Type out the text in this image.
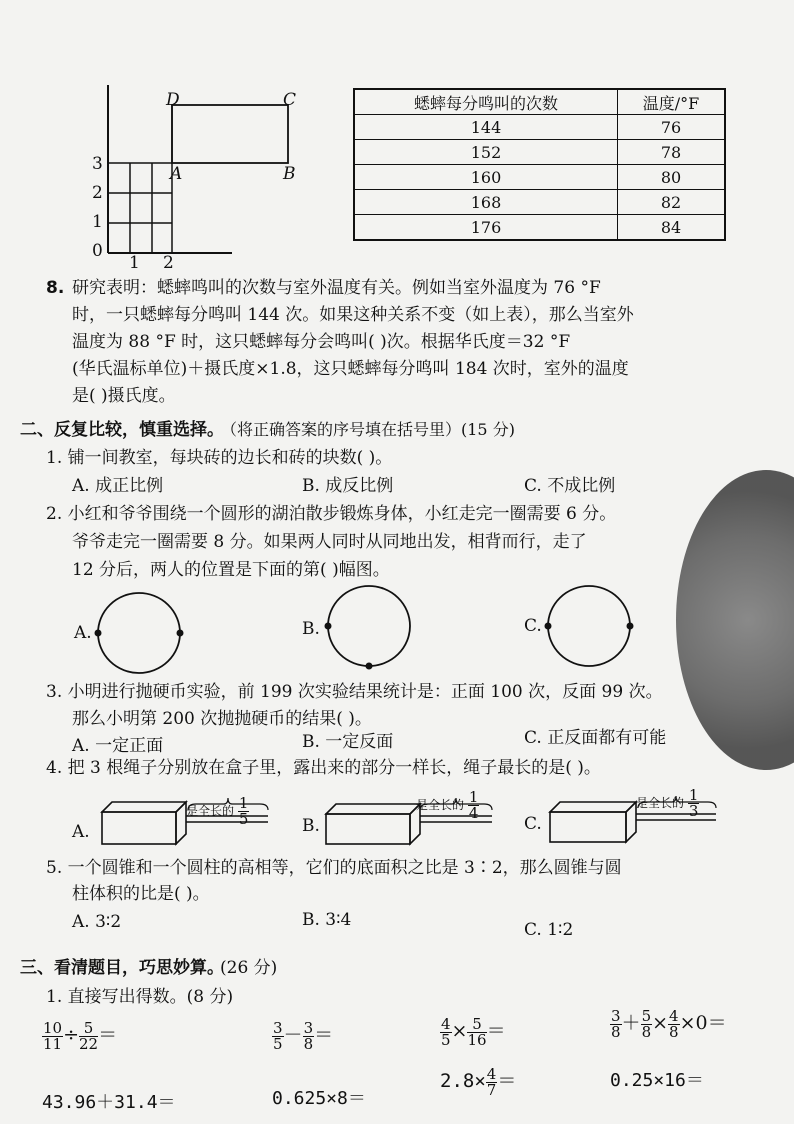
D	C
A	B
3
2
1
0
1 2
蟋蟀每分鸣叫的次数	温度/°F
144	76
152	78
160	80
168	82
176	84
8. 研究表明：蟋蟀鸣叫的次数与室外温度有关。例如当室外温度为 76 °F
时，一只蟋蟀每分鸣叫 144 次。如果这种关系不变（如上表），那么当室外
温度为 88 °F 时，这只蟋蟀每分会鸣叫( )次。根据华氏度＝32 °F
(华氏温标单位)＋摄氏度×1.8，这只蟋蟀每分鸣叫 184 次时，室外的温度
是( )摄氏度。
二、反复比较，慎重选择。
（将正确答案的序号填在括号里）(15 分)
1. 铺一间教室，每块砖的边长和砖的块数( )。
A. 成正比例	B. 成反比例	C. 不成比例
2. 小红和爷爷围绕一个圆形的湖泊散步锻炼身体，小红走完一圈需要 6 分。
爷爷走完一圈需要 8 分。如果两人同时从同地出发，相背而行，走了
12 分后，两人的位置是下面的第( )幅图。
A.	B.	C.
3. 小明进行抛硬币实验，前 199 次实验结果统计是：正面 100 次，反面 99 次。
那么小明第 200 次抛抛硬币的结果( )。
A. 一定正面	B. 一定反面	C. 正反面都有可能
4. 把 3 根绳子分别放在盒子里，露出来的部分一样长，绳子最长的是( )。
A.
是全长的 $\frac{1}{5}$	B.
是全长的 $\frac{1}{4}$
C.
是全长的 $\frac{1}{3}$
5. 一个圆锥和一个圆柱的高相等，它们的底面积之比是 3∶2，那么圆锥与圆
柱体积的比是( )。
A. 3∶2	B. 3∶4	C. 1∶2
三、看清题目，巧思妙算。
(26 分)
1. 直接写出得数。(8 分)
$\frac{10}{11} \div \frac{5}{22}$ ＝	$\frac{3}{5} - \frac{3}{8}$ ＝	$\frac{4}{5} \times \frac{5}{16}$ ＝	$\frac{3}{8} + \frac{5}{8} \times \frac{4}{8} \times 0=$
43.96＋31.4＝	0.625×8＝
$2.8\times \frac{4}{7}$ ＝	0.25×16＝
